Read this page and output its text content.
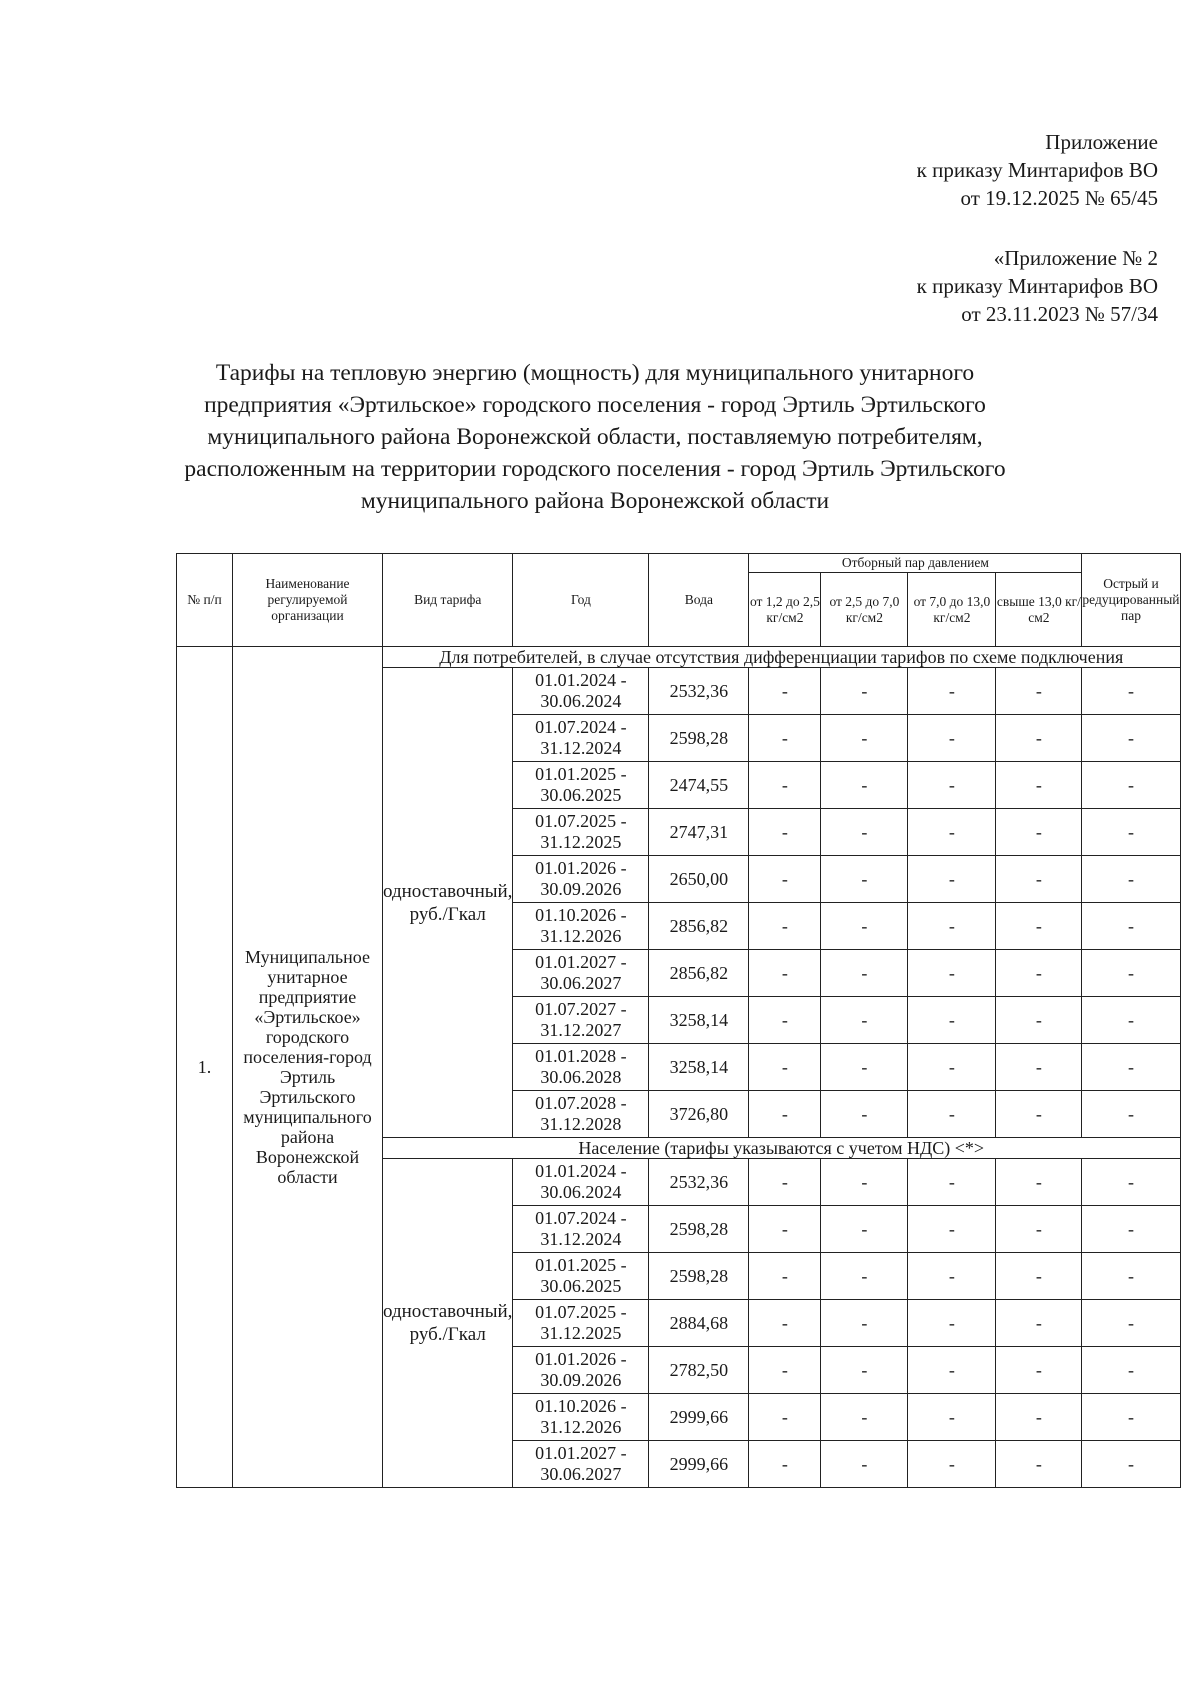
Приложение
к приказу Минтарифов ВО
от 19.12.2025 № 65/45
«Приложение № 2
к приказу Минтарифов ВО
от 23.11.2023 № 57/34
Тарифы на тепловую энергию (мощность) для муниципального унитарного предприятия «Эртильское» городского поселения - город Эртиль Эртильского муниципального района Воронежской области, поставляемую потребителям, расположенным на территории городского поселения - город Эртиль Эртильского муниципального района Воронежской области
№ п/п	Наименование регулируемой организации	Вид тарифа	Год	Вода	Отборный пар давлением				Острый и редуцированный пар
					от 1,2 до 2,5 кг/см2	от 2,5 до 7,0 кг/см2	от 7,0 до 13,0 кг/см2	свыше 13,0 кг/см2	
1.	Муниципальное унитарное предприятие «Эртильское» городского поселения-город Эртиль Эртильского муниципального района Воронежской области	Для потребителей, в случае отсутствия дифференциации тарифов по схеме подключения							
		одноставочный, руб./Гкал	01.01.2024 -
30.06.2024	2532,36	-	-	-	-	-

			01.07.2024 -
31.12.2024	2598,28	-	-	-	-	-

			01.01.2025 -
30.06.2025	2474,55	-	-	-	-	-

			01.07.2025 -
31.12.2025	2747,31	-	-	-	-	-

			01.01.2026 -
30.09.2026	2650,00	-	-	-	-	-

			01.10.2026 -
31.12.2026	2856,82	-	-	-	-	-

			01.01.2027 -
30.06.2027	2856,82	-	-	-	-	-

			01.07.2027 -
31.12.2027	3258,14	-	-	-	-	-

			01.01.2028 -
30.06.2028	3258,14	-	-	-	-	-

			01.07.2028 -
31.12.2028	3726,80	-	-	-	-	-
		Население (тарифы указываются с учетом НДС) <*>							
		одноставочный, руб./Гкал	01.01.2024 -
30.06.2024	2532,36	-	-	-	-	-

			01.07.2024 -
31.12.2024	2598,28	-	-	-	-	-

			01.01.2025 -
30.06.2025	2598,28	-	-	-	-	-

			01.07.2025 -
31.12.2025	2884,68	-	-	-	-	-

			01.01.2026 -
30.09.2026	2782,50	-	-	-	-	-

			01.10.2026 -
31.12.2026	2999,66	-	-	-	-	-

			01.01.2027 -
30.06.2027	2999,66	-	-	-	-	-
